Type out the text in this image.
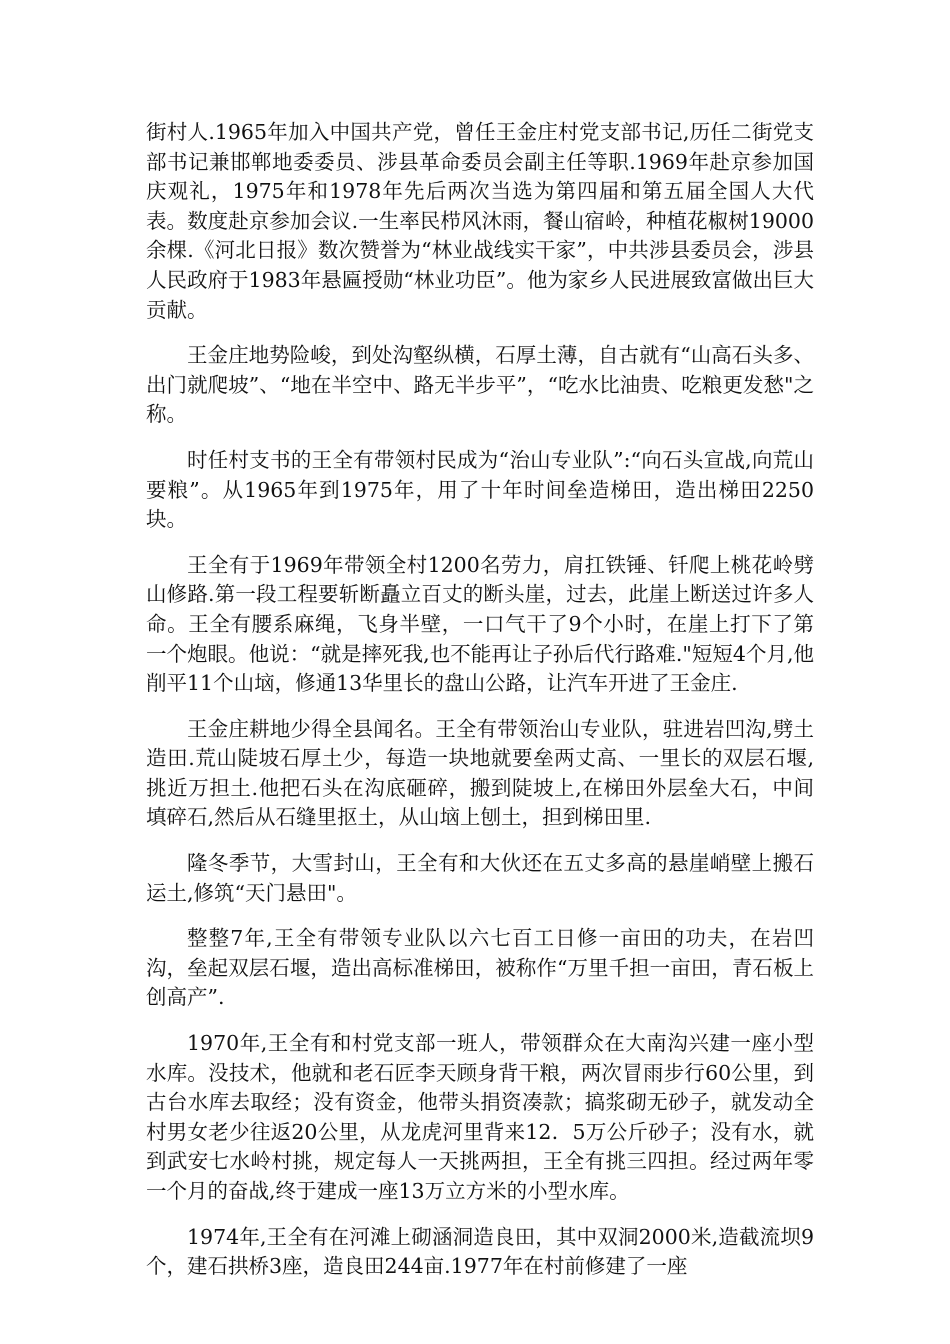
街村人.1965年加入中国共产党，曾任王金庄村党支部书记,历任二街党支部书记兼邯郸地委委员、涉县革命委员会副主任等职.1969年赴京参加国庆观礼，1975年和1978年先后两次当选为第四届和第五届全国人大代表。数度赴京参加会议.一生率民栉风沐雨，餐山宿岭，种植花椒树19000余棵.《河北日报》数次赞誉为“林业战线实干家”，中共涉县委员会，涉县人民政府于1983年悬匾授勋“林业功臣”。他为家乡人民进展致富做出巨大贡献。

王金庄地势险峻，到处沟壑纵横，石厚土薄，自古就有“山高石头多、出门就爬坡”、“地在半空中、路无半步平”，“吃水比油贵、吃粮更发愁"之称。

时任村支书的王全有带领村民成为“治山专业队”:“向石头宣战,向荒山要粮”。从1965年到1975年，用了十年时间垒造梯田，造出梯田2250块。

王全有于1969年带领全村1200名劳力，肩扛铁锤、钎爬上桃花岭劈山修路.第一段工程要斩断矗立百丈的断头崖，过去，此崖上断送过许多人命。王全有腰系麻绳，飞身半壁，一口气干了9个小时，在崖上打下了第一个炮眼。他说：“就是摔死我,也不能再让子孙后代行路难."短短4个月,他削平11个山垴，修通13华里长的盘山公路，让汽车开进了王金庄.

王金庄耕地少得全县闻名。王全有带领治山专业队，驻进岩凹沟,劈土造田.荒山陡坡石厚土少，每造一块地就要垒两丈高、一里长的双层石堰,挑近万担土.他把石头在沟底砸碎，搬到陡坡上,在梯田外层垒大石，中间填碎石,然后从石缝里抠土，从山垴上刨土，担到梯田里.

隆冬季节，大雪封山，王全有和大伙还在五丈多高的悬崖峭壁上搬石运土,修筑“天门悬田"。

整整7年,王全有带领专业队以六七百工日修一亩田的功夫，在岩凹沟，垒起双层石堰，造出高标准梯田，被称作“万里千担一亩田，青石板上创高产”.

1970年,王全有和村党支部一班人，带领群众在大南沟兴建一座小型水库。没技术，他就和老石匠李天顾身背干粮，两次冒雨步行60公里，到古台水库去取经；没有资金，他带头捐资凑款；搞浆砌无砂子，就发动全村男女老少往返20公里，从龙虎河里背来12．5万公斤砂子；没有水，就到武安七水岭村挑，规定每人一天挑两担，王全有挑三四担。经过两年零一个月的奋战,终于建成一座13万立方米的小型水库。

1974年,王全有在河滩上砌涵洞造良田，其中双洞2000米,造截流坝9个，建石拱桥3座，造良田244亩.1977年在村前修建了一座
